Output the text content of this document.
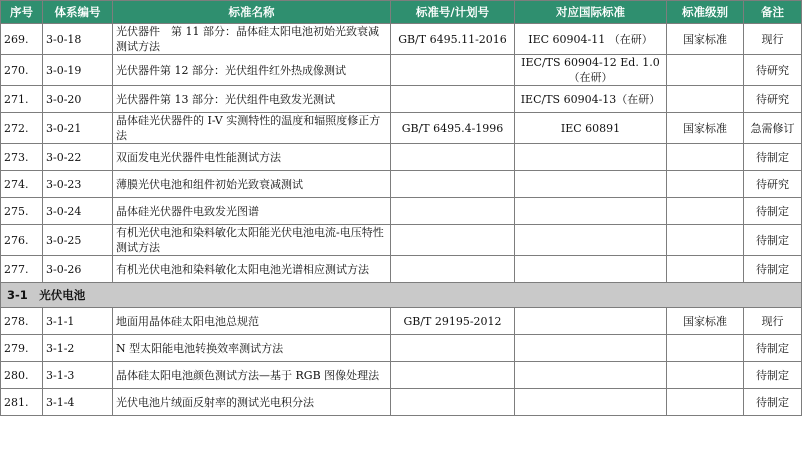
序号	体系编号	标准名称	标准号/计划号	对应国际标准	标准级别	备注
269.	3-0-18	光伏器件　第 11 部分：晶体硅太阳电池初始光致衰减测试方法	GB/T 6495.11-2016	IEC 60904-11 （在研）	国家标准	现行
270.	3-0-19	光伏器件第 12 部分：光伏组件红外热成像测试		IEC/TS 60904-12 Ed. 1.0（在研）		待研究
271.	3-0-20	光伏器件第 13 部分：光伏组件电致发光测试		IEC/TS 60904-13（在研）		待研究
272.	3-0-21	晶体硅光伏器件的 I-V 实测特性的温度和辐照度修正方法	GB/T 6495.4-1996	IEC 60891	国家标准	急需修订
273.	3-0-22	双面发电光伏器件电性能测试方法				待制定
274.	3-0-23	薄膜光伏电池和组件初始光致衰减测试				待研究
275.	3-0-24	晶体硅光伏器件电致发光图谱				待制定
276.	3-0-25	有机光伏电池和染料敏化太阳能光伏电池电流-电压特性测试方法				待制定
277.	3-0-26	有机光伏电池和染料敏化太阳电池光谱相应测试方法				待制定
3-1　光伏电池						
278.	3-1-1	地面用晶体硅太阳电池总规范	GB/T 29195-2012		国家标准	现行
279.	3-1-2	N 型太阳能电池转换效率测试方法				待制定
280.	3-1-3	晶体硅太阳电池颜色测试方法—基于 RGB 图像处理法				待制定
281.	3-1-4	光伏电池片绒面反射率的测试光电积分法				待制定
